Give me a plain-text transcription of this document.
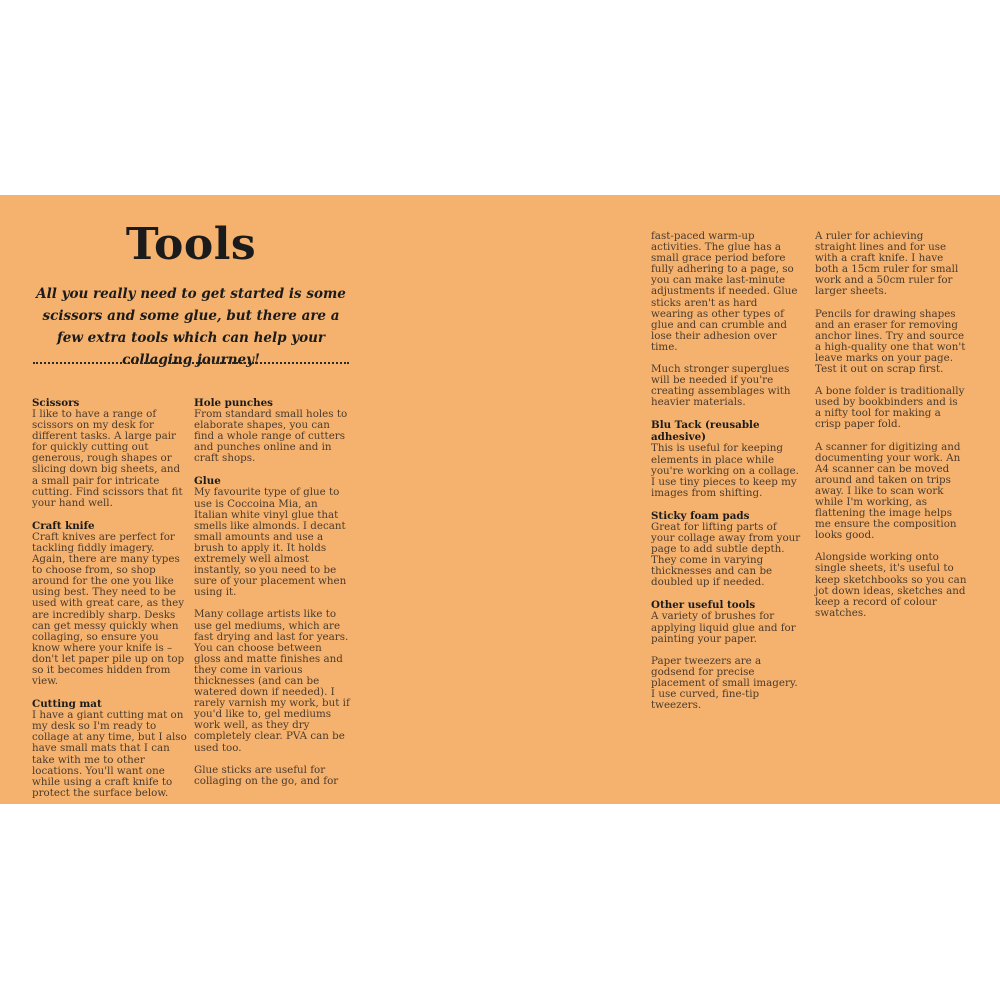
Tools

All you really need to get started is some scissors and some glue, but there are a few extra tools which can help your collaging journey!

Scissors

I like to have a range of scissors on my desk for different tasks. A large pair for quickly cutting out generous, rough shapes or slicing down big sheets, and a small pair for intricate cutting. Find scissors that fit your hand well.

Craft knife

Craft knives are perfect for tackling fiddly imagery. Again, there are many types to choose from, so shop around for the one you like using best. They need to be used with great care, as they are incredibly sharp. Desks can get messy quickly when collaging, so ensure you know where your knife is – don't let paper pile up on top so it becomes hidden from view.

Cutting mat

I have a giant cutting mat on my desk so I'm ready to collage at any time, but I also have small mats that I can take with me to other locations. You'll want one while using a craft knife to protect the surface below.

Hole punches

From standard small holes to elaborate shapes, you can find a whole range of cutters and punches online and in craft shops.

Glue

My favourite type of glue to use is Coccoina Mia, an Italian white vinyl glue that smells like almonds. I decant small amounts and use a brush to apply it. It holds extremely well almost instantly, so you need to be sure of your placement when using it.

Many collage artists like to use gel mediums, which are fast drying and last for years. You can choose between gloss and matte finishes and they come in various thicknesses (and can be watered down if needed). I rarely varnish my work, but if you'd like to, gel mediums work well, as they dry completely clear. PVA can be used too.

Glue sticks are useful for collaging on the go, and for

fast-paced warm-up activities. The glue has a small grace period before fully adhering to a page, so you can make last-minute adjustments if needed. Glue sticks aren't as hard wearing as other types of glue and can crumble and lose their adhesion over time.

Much stronger superglues will be needed if you're creating assemblages with heavier materials.

Blu Tack (reusable adhesive)

This is useful for keeping elements in place while you're working on a collage. I use tiny pieces to keep my images from shifting.

Sticky foam pads

Great for lifting parts of your collage away from your page to add subtle depth. They come in varying thicknesses and can be doubled up if needed.

Other useful tools

A variety of brushes for applying liquid glue and for painting your paper.

Paper tweezers are a godsend for precise placement of small imagery. I use curved, fine-tip tweezers.

A ruler for achieving straight lines and for use with a craft knife. I have both a 15cm ruler for small work and a 50cm ruler for larger sheets.

Pencils for drawing shapes and an eraser for removing anchor lines. Try and source a high-quality one that won't leave marks on your page. Test it out on scrap first.

A bone folder is traditionally used by bookbinders and is a nifty tool for making a crisp paper fold.

A scanner for digitizing and documenting your work. An A4 scanner can be moved around and taken on trips away. I like to scan work while I'm working, as flattening the image helps me ensure the composition looks good.

Alongside working onto single sheets, it's useful to keep sketchbooks so you can jot down ideas, sketches and keep a record of colour swatches.
